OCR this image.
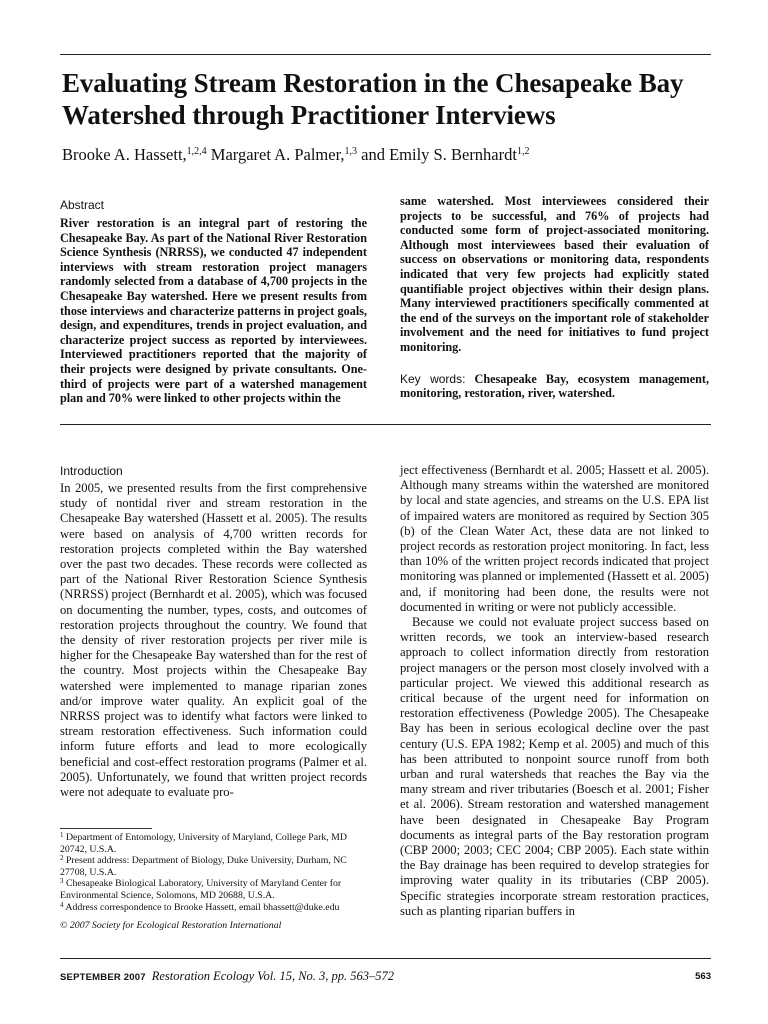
Evaluating Stream Restoration in the Chesapeake Bay Watershed through Practitioner Interviews

Brooke A. Hassett,$^{1,2,4}$ Margaret A. Palmer,$^{1,3}$ and Emily S. Bernhardt$^{1,2}$

Abstract

River restoration is an integral part of restoring the Chesapeake Bay. As part of the National River Restoration Science Synthesis (NRRSS), we conducted 47 independent interviews with stream restoration project managers randomly selected from a database of 4,700 projects in the Chesapeake Bay watershed. Here we present results from those interviews and characterize patterns in project goals, design, and expenditures, trends in project evaluation, and characterize project success as reported by interviewees. Interviewed practitioners reported that the majority of their projects were designed by private consultants. One-third of projects were part of a watershed management plan and 70% were linked to other projects within the

same watershed. Most interviewees considered their projects to be successful, and 76% of projects had conducted some form of project-associated monitoring. Although most interviewees based their evaluation of success on observations or monitoring data, respondents indicated that very few projects had explicitly stated quantifiable project objectives within their design plans. Many interviewed practitioners specifically commented at the end of the surveys on the important role of stakeholder involvement and the need for initiatives to fund project monitoring.

Key words: Chesapeake Bay, ecosystem management, monitoring, restoration, river, watershed.

Introduction

In 2005, we presented results from the first comprehensive study of nontidal river and stream restoration in the Chesapeake Bay watershed (Hassett et al. 2005). The results were based on analysis of 4,700 written records for restoration projects completed within the Bay watershed over the past two decades. These records were collected as part of the National River Restoration Science Synthesis (NRRSS) project (Bernhardt et al. 2005), which was focused on documenting the number, types, costs, and outcomes of restoration projects throughout the country. We found that the density of river restoration projects per river mile is higher for the Chesapeake Bay watershed than for the rest of the country. Most projects within the Chesapeake Bay watershed were implemented to manage riparian zones and/or improve water quality. An explicit goal of the NRRSS project was to identify what factors were linked to stream restoration effectiveness. Such information could inform future efforts and lead to more ecologically beneficial and cost-effect restoration programs (Palmer et al. 2005). Unfortunately, we found that written project records were not adequate to evaluate pro-

ject effectiveness (Bernhardt et al. 2005; Hassett et al. 2005). Although many streams within the watershed are monitored by local and state agencies, and streams on the U.S. EPA list of impaired waters are monitored as required by Section 305 (b) of the Clean Water Act, these data are not linked to project records as restoration project monitoring. In fact, less than 10% of the written project records indicated that project monitoring was planned or implemented (Hassett et al. 2005) and, if monitoring had been done, the results were not documented in writing or were not publicly accessible.

Because we could not evaluate project success based on written records, we took an interview-based research approach to collect information directly from restoration project managers or the person most closely involved with a particular project. We viewed this additional research as critical because of the urgent need for information on restoration effectiveness (Powledge 2005). The Chesapeake Bay has been in serious ecological decline over the past century (U.S. EPA 1982; Kemp et al. 2005) and much of this has been attributed to nonpoint source runoff from both urban and rural watersheds that reaches the Bay via the many stream and river tributaries (Boesch et al. 2001; Fisher et al. 2006). Stream restoration and watershed management have been designated in Chesapeake Bay Program documents as integral parts of the Bay restoration program (CBP 2000; 2003; CEC 2004; CBP 2005). Each state within the Bay drainage has been required to develop strategies for improving water quality in its tributaries (CBP 2005). Specific strategies incorporate stream restoration practices, such as planting riparian buffers in

$^1$ Department of Entomology, University of Maryland, College Park, MD 20742, U.S.A.

$^2$ Present address: Department of Biology, Duke University, Durham, NC 27708, U.S.A.

$^3$ Chesapeake Biological Laboratory, University of Maryland Center for Environmental Science, Solomons, MD 20688, U.S.A.

$^4$ Address correspondence to Brooke Hassett, email bhassett@duke.edu

© 2007 Society for Ecological Restoration International

SEPTEMBER 2007 Restoration Ecology Vol. 15, No. 3, pp. 563–572	563
